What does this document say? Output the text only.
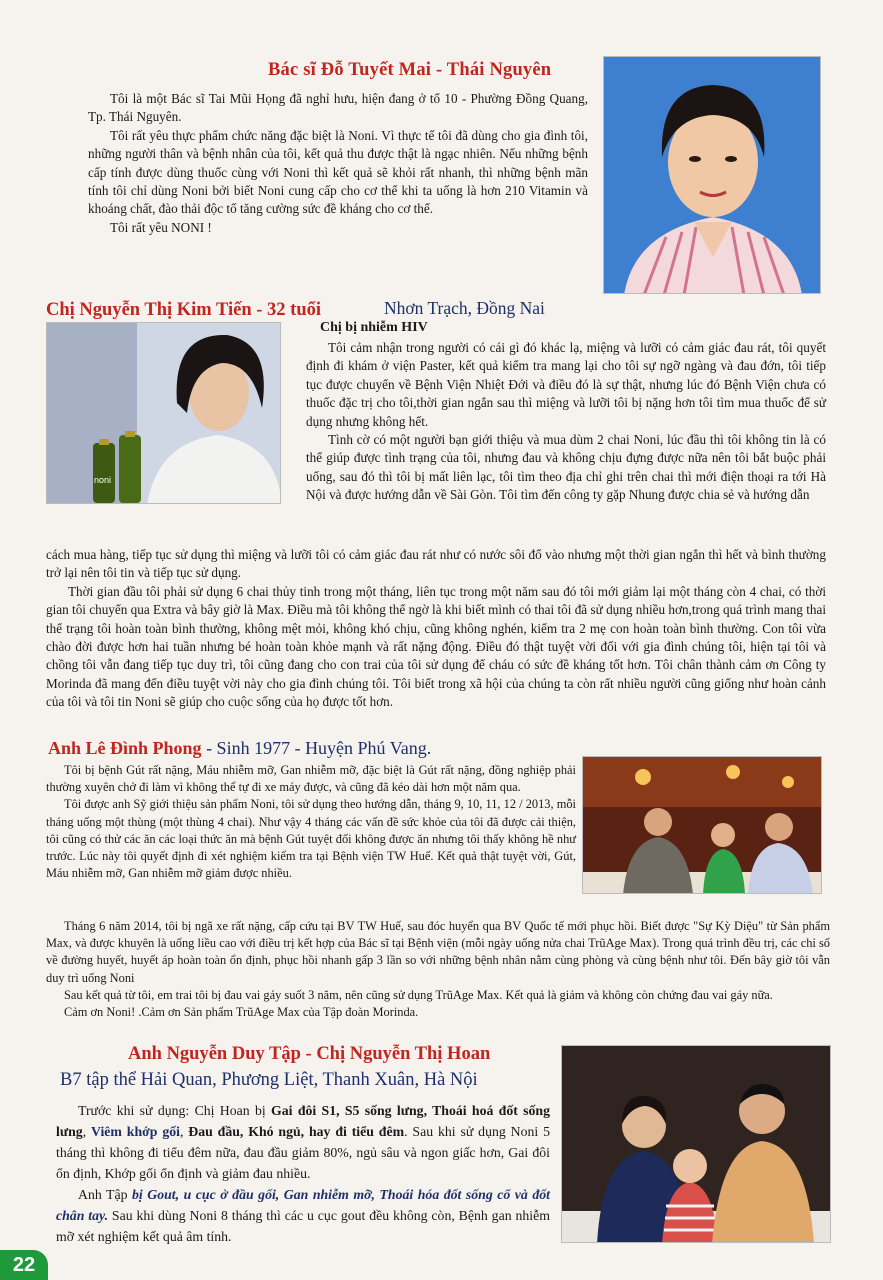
Bác sĩ Đỗ Tuyết Mai - Thái Nguyên

Tôi là một Bác sĩ Tai Mũi Họng đã nghỉ hưu, hiện đang ở tổ 10 - Phường Đồng Quang, Tp. Thái Nguyên.

Tôi rất yêu thực phẩm chức năng đặc biệt là Noni. Vì thực tế tôi đã dùng cho gia đình tôi, những người thân và bệnh nhân của tôi, kết quả thu được thật là ngạc nhiên. Nếu những bệnh cấp tính được dùng thuốc cùng với Noni thì kết quả sẽ khỏi rất nhanh, thì những bệnh mãn tính tôi chỉ dùng Noni bởi biết Noni cung cấp cho cơ thể khi ta uống là hơn 210 Vitamin và khoáng chất, đào thải độc tố tăng cường sức đề kháng cho cơ thể.

Tôi rất yêu NONI !

Chị Nguyễn Thị Kim Tiến - 32 tuổi	Nhơn Trạch, Đồng Nai
Chị bị nhiễm HIV
noni

Tôi cảm nhận trong người có cái gì đó khác lạ, miệng và lưỡi có cảm giác đau rát, tôi quyết định đi khám ở viện Paster, kết quả kiểm tra mang lại cho tôi sự ngỡ ngàng và đau đớn, tôi tiếp tục được chuyển về Bệnh Viện Nhiệt Đới và điều đó là sự thật, nhưng lúc đó Bệnh Viện chưa có thuốc đặc trị cho tôi,thời gian ngắn sau thì miệng và lưỡi tôi bị nặng hơn tôi tìm mua thuốc để sử dụng nhưng không hết.

Tình cờ có một người bạn giới thiệu và mua dùm 2 chai Noni, lúc đầu thì tôi không tin là có thể giúp được tình trạng của tôi, nhưng đau và không chịu đựng được nữa nên tôi bắt buộc phải uống, sau đó thì tôi bị mất liên lạc, tôi tìm theo địa chỉ ghi trên chai thì mới điện thoại ra tới Hà Nội và được hướng dẫn về Sài Gòn. Tôi tìm đến công ty gặp Nhung được chia sẻ và hướng dẫn

cách mua hàng, tiếp tục sử dụng thì miệng và lưỡi tôi có cảm giác đau rát như có nước sôi đổ vào nhưng một thời gian ngắn thì hết và bình thường trở lại nên tôi tin và tiếp tục sử dụng.

Thời gian đầu tôi phải sử dụng 6 chai thủy tinh trong một tháng, liên tục trong một năm sau đó tôi mới giảm lại một tháng còn 4 chai, có thời gian tôi chuyển qua Extra và bây giờ là Max. Điều mà tôi không thể ngờ là khi biết mình có thai tôi đã sử dụng nhiều hơn,trong quá trình mang thai thể trạng tôi hoàn toàn bình thường, không mệt mỏi, không khó chịu, cũng không nghén, kiểm tra 2 mẹ con hoàn toàn bình thường. Con tôi vừa chào đời được hơn hai tuần nhưng bé hoàn toàn khỏe mạnh và rất nặng động. Điều đó thật tuyệt vời đối với gia đình chúng tôi, hiện tại tôi và chồng tôi vẫn đang tiếp tục duy trì, tôi cũng đang cho con trai của tôi sử dụng để cháu có sức đề kháng tốt hơn. Tôi chân thành cảm ơn Công ty Morinda đã mang đến điều tuyệt vời này cho gia đình chúng tôi. Tôi biết trong xã hội của chúng ta còn rất nhiều người cũng giống như hoàn cảnh của tôi và tôi tin Noni sẽ giúp cho cuộc sống của họ được tốt hơn.

Anh Lê Đình Phong - Sinh 1977 - Huyện Phú Vang.

Tôi bị bệnh Gút rất nặng, Máu nhiễm mỡ, Gan nhiễm mỡ, đặc biệt là Gút rất nặng, đồng nghiệp phải thường xuyên chở đi làm vì không thể tự đi xe máy được, và cũng đã kéo dài hơn một năm qua.

Tôi được anh Sỹ giới thiệu sản phẩm Noni, tôi sử dụng theo hướng dẫn, tháng 9, 10, 11, 12 / 2013, mỗi tháng uống một thùng (một thùng 4 chai). Như vậy 4 tháng các vấn đề sức khỏe của tôi đã được cải thiện, tôi cũng có thử các ăn các loại thức ăn mà bệnh Gút tuyệt đối không được ăn nhưng tôi thấy không hề như trước. Lúc này tôi quyết định đi xét nghiệm kiểm tra tại Bệnh viện TW Huế. Kết quả thật tuyệt vời, Gút, Máu nhiễm mỡ, Gan nhiễm mỡ giảm được nhiều.

Tháng 6 năm 2014, tôi bị ngã xe rất nặng, cấp cứu tại BV TW Huế, sau đóc huyển qua BV Quốc tế mới phục hồi. Biết được "Sự Kỳ Diệu" từ Sản phẩm Max, và được khuyên là uống liều cao với điều trị kết hợp của Bác sĩ tại Bệnh viện (mỗi ngày uống nửa chai TrũAge Max). Trong quá trình đều trị, các chỉ số về đường huyết, huyết áp hoàn toàn ổn định, phục hồi nhanh gấp 3 lần so với những bệnh nhân nằm cùng phòng và cùng bệnh như tôi. Đến bây giờ tôi vẫn duy trì uống Noni

Sau kết quả từ tôi, em trai tôi bị đau vai gáy suốt 3 năm, nên cũng sử dụng TrũAge Max. Kết quả là giảm và không còn chứng đau vai gáy nữa.

Cảm ơn Noni! .Cảm ơn Sản phẩm TrũAge Max của Tập đoàn Morinda.

Anh Nguyễn Duy Tập - Chị Nguyễn Thị Hoan
B7 tập thể Hải Quan, Phương Liệt, Thanh Xuân, Hà Nội

Trước khi sử dụng: Chị Hoan bị Gai đôi S1, S5 sống lưng, Thoái hoá đốt sống lưng, Viêm khớp gối, Đau đầu, Khó ngủ, hay đi tiểu đêm. Sau khi sử dụng Noni 5 tháng thì không đi tiểu đêm nữa, đau đầu giảm 80%, ngủ sâu và ngon giấc hơn, Gai đôi ổn định, Khớp gối ổn định và giảm đau nhiều.

Anh Tập bị Gout, u cục ở đầu gối, Gan nhiễm mỡ, Thoái hóa đốt sống cổ và đốt chân tay. Sau khi dùng Noni 8 tháng thì các u cục gout đều không còn, Bệnh gan nhiễm mỡ xét nghiệm kết quả âm tính.

22
